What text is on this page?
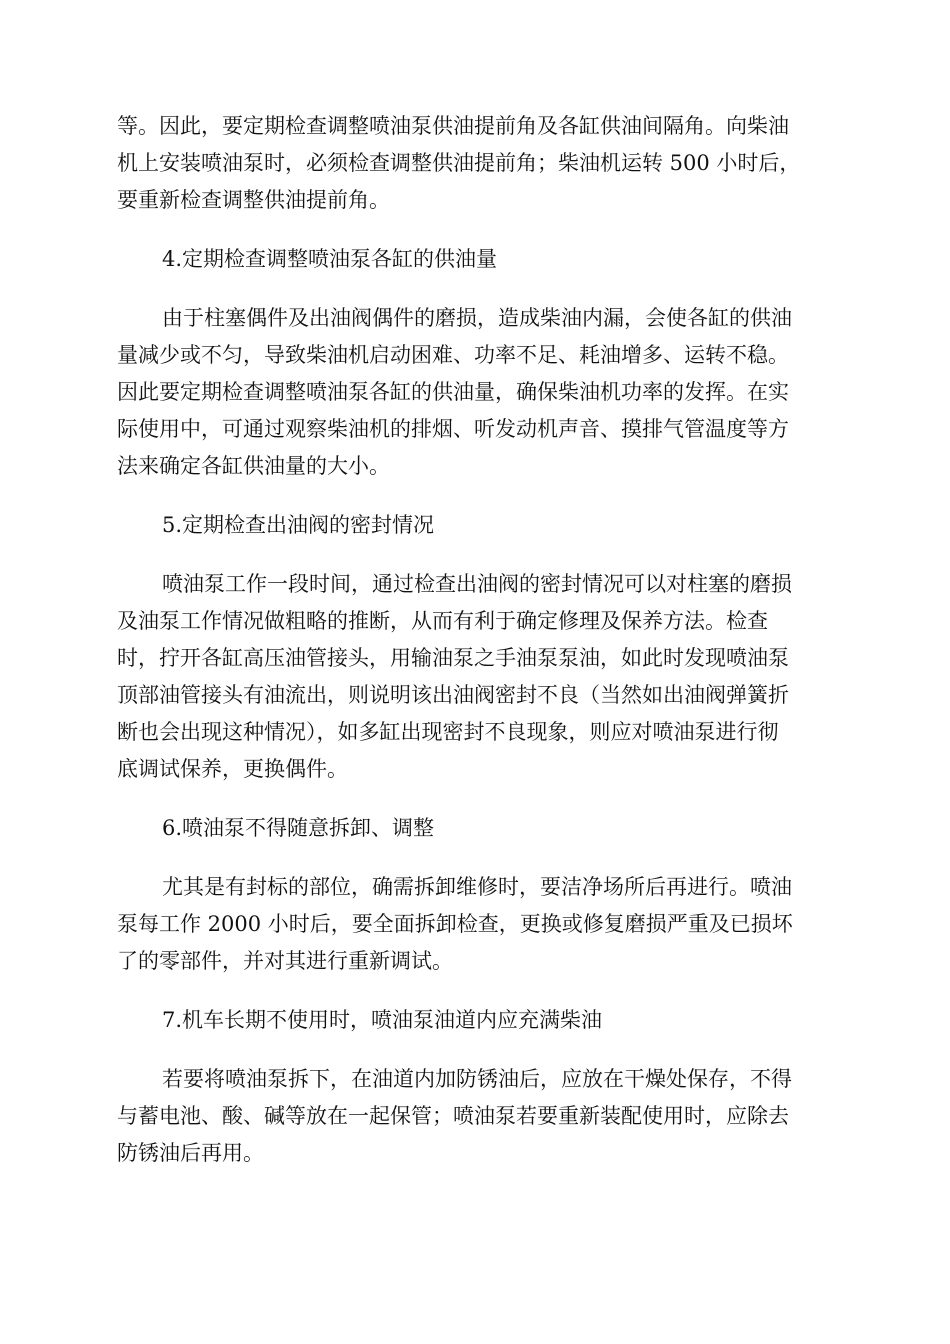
等。因此，要定期检查调整喷油泵供油提前角及各缸供油间隔角。向柴油
机上安装喷油泵时，必须检查调整供油提前角；柴油机运转 500 小时后，
要重新检查调整供油提前角。
4.定期检查调整喷油泵各缸的供油量
由于柱塞偶件及出油阀偶件的磨损，造成柴油内漏，会使各缸的供油
量减少或不匀，导致柴油机启动困难、功率不足、耗油增多、运转不稳。
因此要定期检查调整喷油泵各缸的供油量，确保柴油机功率的发挥。在实
际使用中，可通过观察柴油机的排烟、听发动机声音、摸排气管温度等方
法来确定各缸供油量的大小。
5.定期检查出油阀的密封情况
喷油泵工作一段时间，通过检查出油阀的密封情况可以对柱塞的磨损
及油泵工作情况做粗略的推断，从而有利于确定修理及保养方法。检查
时，拧开各缸高压油管接头，用输油泵之手油泵泵油，如此时发现喷油泵
顶部油管接头有油流出，则说明该出油阀密封不良（当然如出油阀弹簧折
断也会出现这种情况），如多缸出现密封不良现象，则应对喷油泵进行彻
底调试保养，更换偶件。
6.喷油泵不得随意拆卸、调整
尤其是有封标的部位，确需拆卸维修时，要洁净场所后再进行。喷油
泵每工作 2000 小时后，要全面拆卸检查，更换或修复磨损严重及已损坏
了的零部件，并对其进行重新调试。
7.机车长期不使用时，喷油泵油道内应充满柴油
若要将喷油泵拆下，在油道内加防锈油后，应放在干燥处保存，不得
与蓄电池、酸、碱等放在一起保管；喷油泵若要重新装配使用时，应除去
防锈油后再用。
